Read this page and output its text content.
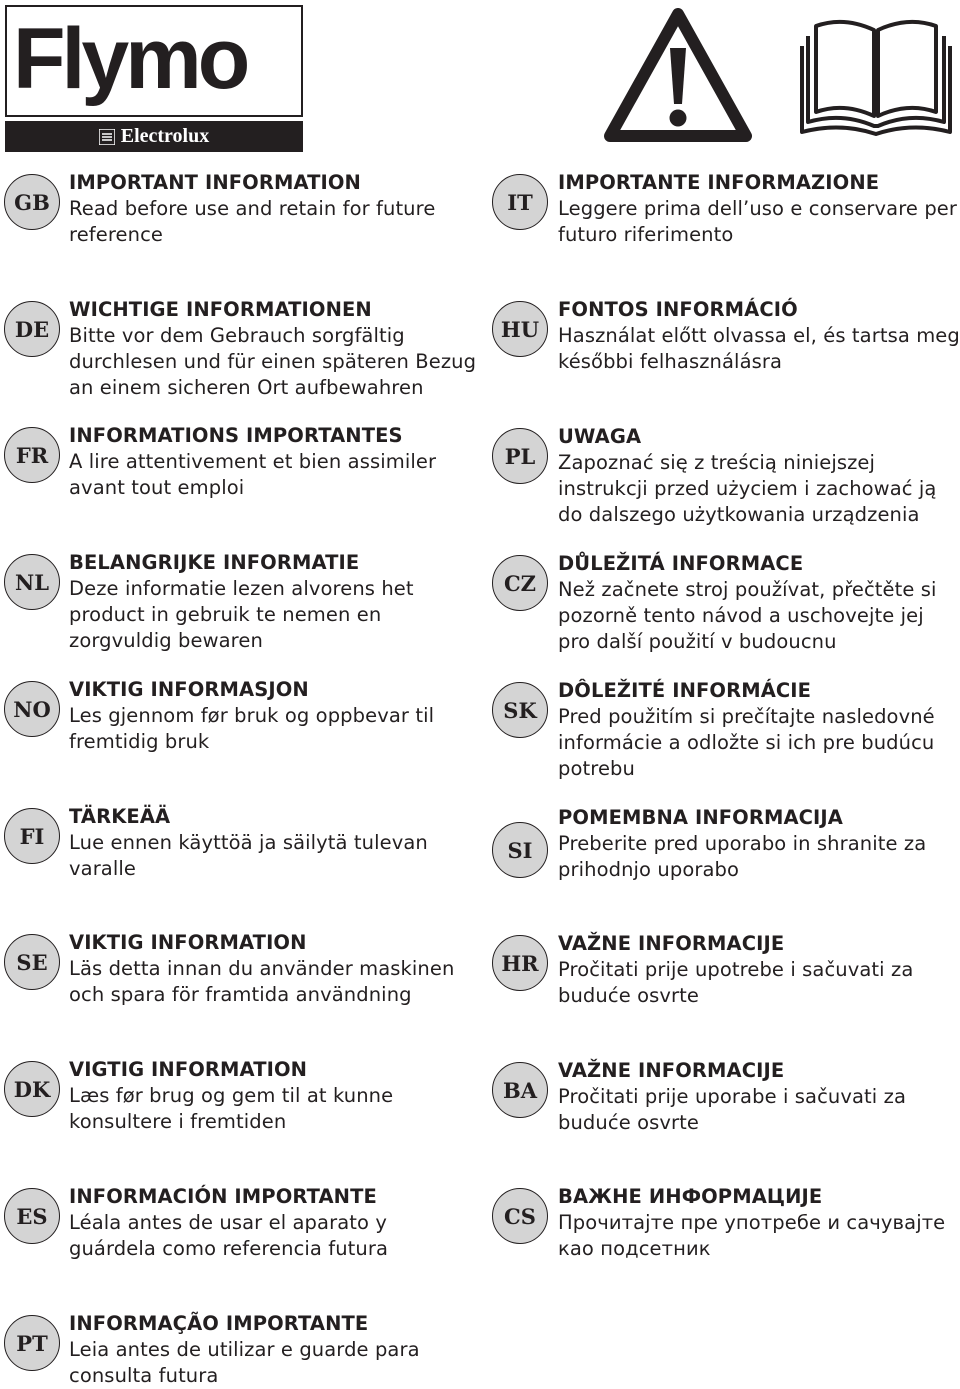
Flymo
Electrolux
GB
IMPORTANT INFORMATION
Read before use and retain for future reference
DE
WICHTIGE INFORMATIONEN
Bitte vor dem Gebrauch sorgfältig durchlesen und für einen späteren Bezug an einem sicheren Ort aufbewahren
FR
INFORMATIONS IMPORTANTES
A lire attentivement et bien assimiler avant tout emploi
NL
BELANGRIJKE INFORMATIE
Deze informatie lezen alvorens het product in gebruik te nemen en zorgvuldig bewaren
NO
VIKTIG INFORMASJON
Les gjennom før bruk og oppbevar til fremtidig bruk
FI
TÄRKEÄÄ
Lue ennen käyttöä ja säilytä tulevan varalle
SE
VIKTIG INFORMATION
Läs detta innan du använder maskinen och spara för framtida användning
DK
VIGTIG INFORMATION
Læs før brug og gem til at kunne konsultere i fremtiden
ES
INFORMACIÓN IMPORTANTE
Léala antes de usar el aparato y guárdela como referencia futura
PT
INFORMAÇÃO IMPORTANTE
Leia antes de utilizar e guarde para consulta futura
IT
IMPORTANTE INFORMAZIONE
Leggere prima dell’uso e conservare per futuro riferimento
HU
FONTOS INFORMÁCIÓ
Használat előtt olvassa el, és tartsa meg későbbi felhasználásra
PL
UWAGA
Zapoznać się z treścią niniejszej instrukcji przed użyciem i zachować ją do dalszego użytkowania urządzenia
CZ
DŮLEŽITÁ INFORMACE
Než začnete stroj používat, přečtěte si pozorně tento návod a uschovejte jej pro další použití v budoucnu
SK
DÔLEŽITÉ INFORMÁCIE
Pred použitím si prečítajte nasledovné informácie a odložte si ich pre budúcu potrebu
SI
POMEMBNA INFORMACIJA
Preberite pred uporabo in shranite za prihodnjo uporabo
HR
VAŽNE INFORMACIJE
Pročitati prije upotrebe i sačuvati za buduće osvrte
BA
VAŽNE INFORMACIJE
Pročitati prije uporabe i sačuvati za buduće osvrte
CS
ВАЖНЕ ИНФОРМАЦИЈЕ
Прочитајте пре употребе и сачувајте као подсетник
